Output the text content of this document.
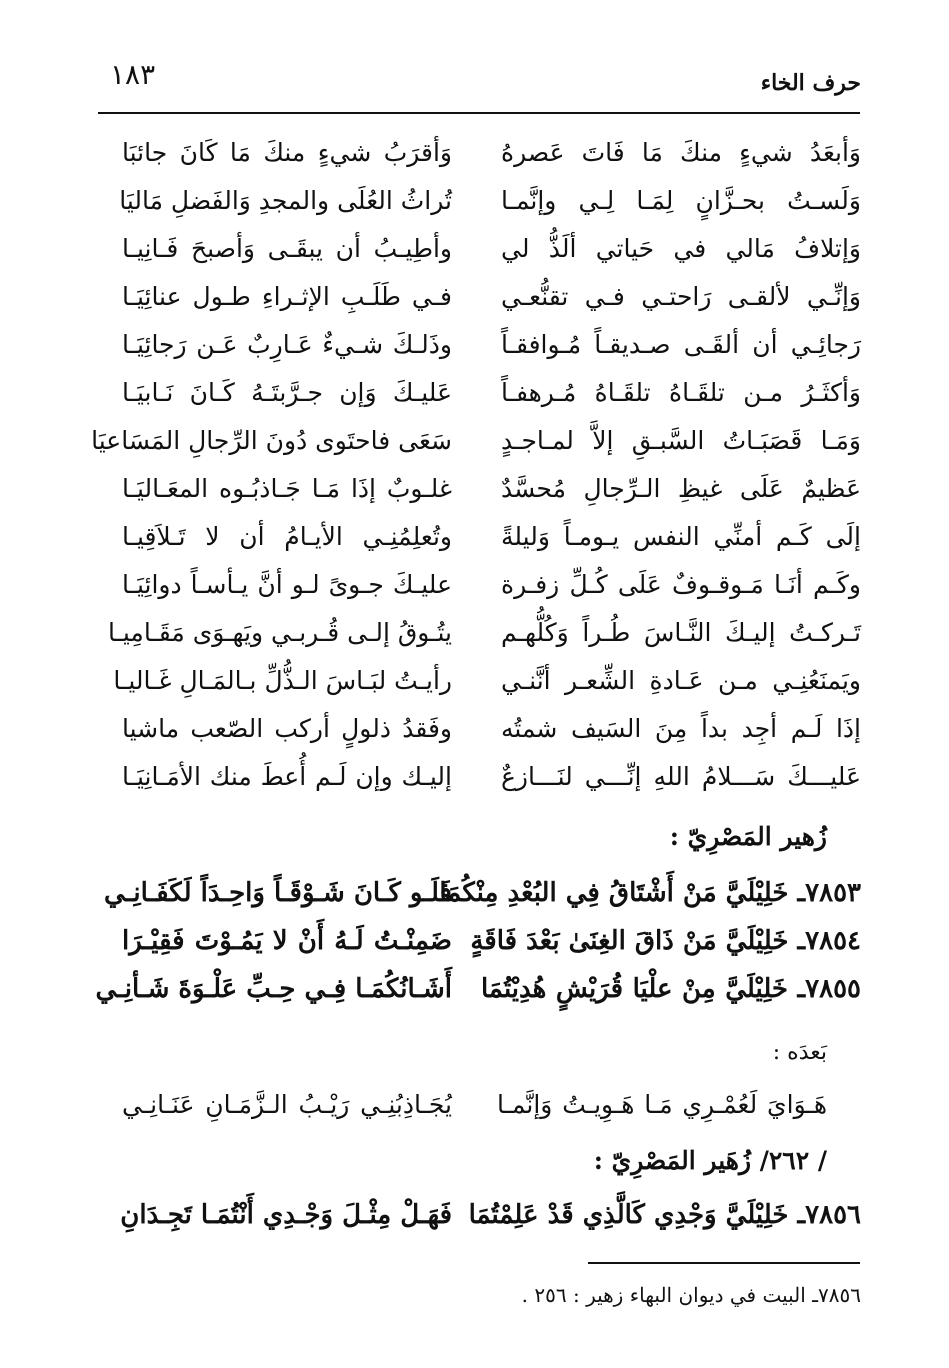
حرف الخاء
١٨٣
وَأبعَدُ شيءٍ منكَ مَا فَاتَ عَصرهُ
وَأقرَبُ شيءٍ منكَ مَا كَانَ جائبَا
وَلَسـتُ بحـزَّانٍ لِمَـا لِـي وإنَّمـا
تُراثُ العُلَى والمجدِ وَالفَضلِ مَاليَا
وَإتلافُ مَالي في حَياتي ألَذُّ لي
وأطِيـبُ أن يبقَـى وَأصبحَ فَـانِيـا
وَإنِّـي لألقـى رَاحتـي فـي تقنُّعـي
فـي طَلَـبِ الإثـراءِ طـول عنائِيَـا
رَجائِـي أن ألقَـى صـديقـاً مُـوافقـاً
وذَلـكَ شـيءٌ عَـارِبٌ عَـن رَجائِيَـا
وَأكثَـرُ مـن تلقَـاهُ تلقَـاهُ مُـرهفـاً
عَليـكَ وَإن جـرَّبتَـهُ كَـانَ نَـابيَـا
وَمَـا قَصَبَـاتُ السَّبـقِ إلاَّ لمـاجـدٍ
سَعَى فاحتَوى دُونَ الرِّجالِ المَسَاعيَا
عَظيمٌ عَلَى غيظِ الـرِّجالِ مُحسَّدٌ
غلـوبٌ إذَا مَـا جَـاذبُـوه المعَـاليَـا
إلَى كَـم أمنِّي النفس يـومـاً وَليلةً
وتُعلِمُنِـي الأيـامُ أن لا تَـلاَقِيـا
وكَـم أنَـا مَـوقـوفٌ عَلَى كُـلِّ زفـرة
عليـكَ جـوىً لـو أنَّ يـأسـاً دوائِيَـا
تَـركـتُ إليـكَ النَّـاسَ طُـراً وَكُلُّهـم
يتُـوقُ إلـى قُـربـي ويَهـوَى مَقَـامِيـا
ويَمنَعُنِـي مـن عَـادةِ الشِّعـر أنَّنـي
رأيـتُ لبَـاسَ الـذُّلِّ بـالمَـالِ غَـاليـا
إذَا لَـم أجِد بداً مِنَ السَيف شمتُه
وفَقدُ ذلولٍ أركب الصّعب ماشيا
عَليـــكَ سَـــلامُ اللهِ إنِّـــي لنَـــازعٌ
إليـك وإن لَـم أُعطَ منك الأمَـانِيَـا
زُهير المَصْرِيّ :
٧٨٥٣ـ خَلِيْلَيَّ مَنْ أَشْتَاقُ فِي البُعْدِ مِنْكُمَا
فَلَـو كَـانَ شَـوْقَـاً وَاحِـدَاً لَكَفَـانِـي
٧٨٥٤ـ خَلِيْلَيَّ مَنْ ذَاقَ الغِنَىٰ بَعْدَ فَاقَةٍ
ضَمِنْـتُ لَـهُ أَنْ لا يَمُـوْتَ فَقِيْـرَا
٧٨٥٥ـ خَلِيْلَيَّ مِنْ علْيَا قُرَيْشٍ هُدِيْتُمَا
أَشَـانُكُمَـا فِـي حِـبِّ عَلْـوَةَ شَـأنِـي
بَعدَه :
هَـوَايَ لَعُمْـرِي مَـا هَـوِيـتُ وَإنَّمـا
يُجَـاذِبُنِـي رَيْـبُ الـزَّمَـانِ عَنَـانِـي
/ ٢٦٢/ زُهَير المَصْرِيّ :
٧٨٥٦ـ خَلِيْلَيَّ وَجْدِي كَالَّذِي قَدْ عَلِمْتُمَا
فَهَـلْ مِثْـلَ وَجْـدِي أَنْتُمَـا تَجِـدَانِ
٧٨٥٦ـ البيت في ديوان البهاء زهير : ٢٥٦ .
